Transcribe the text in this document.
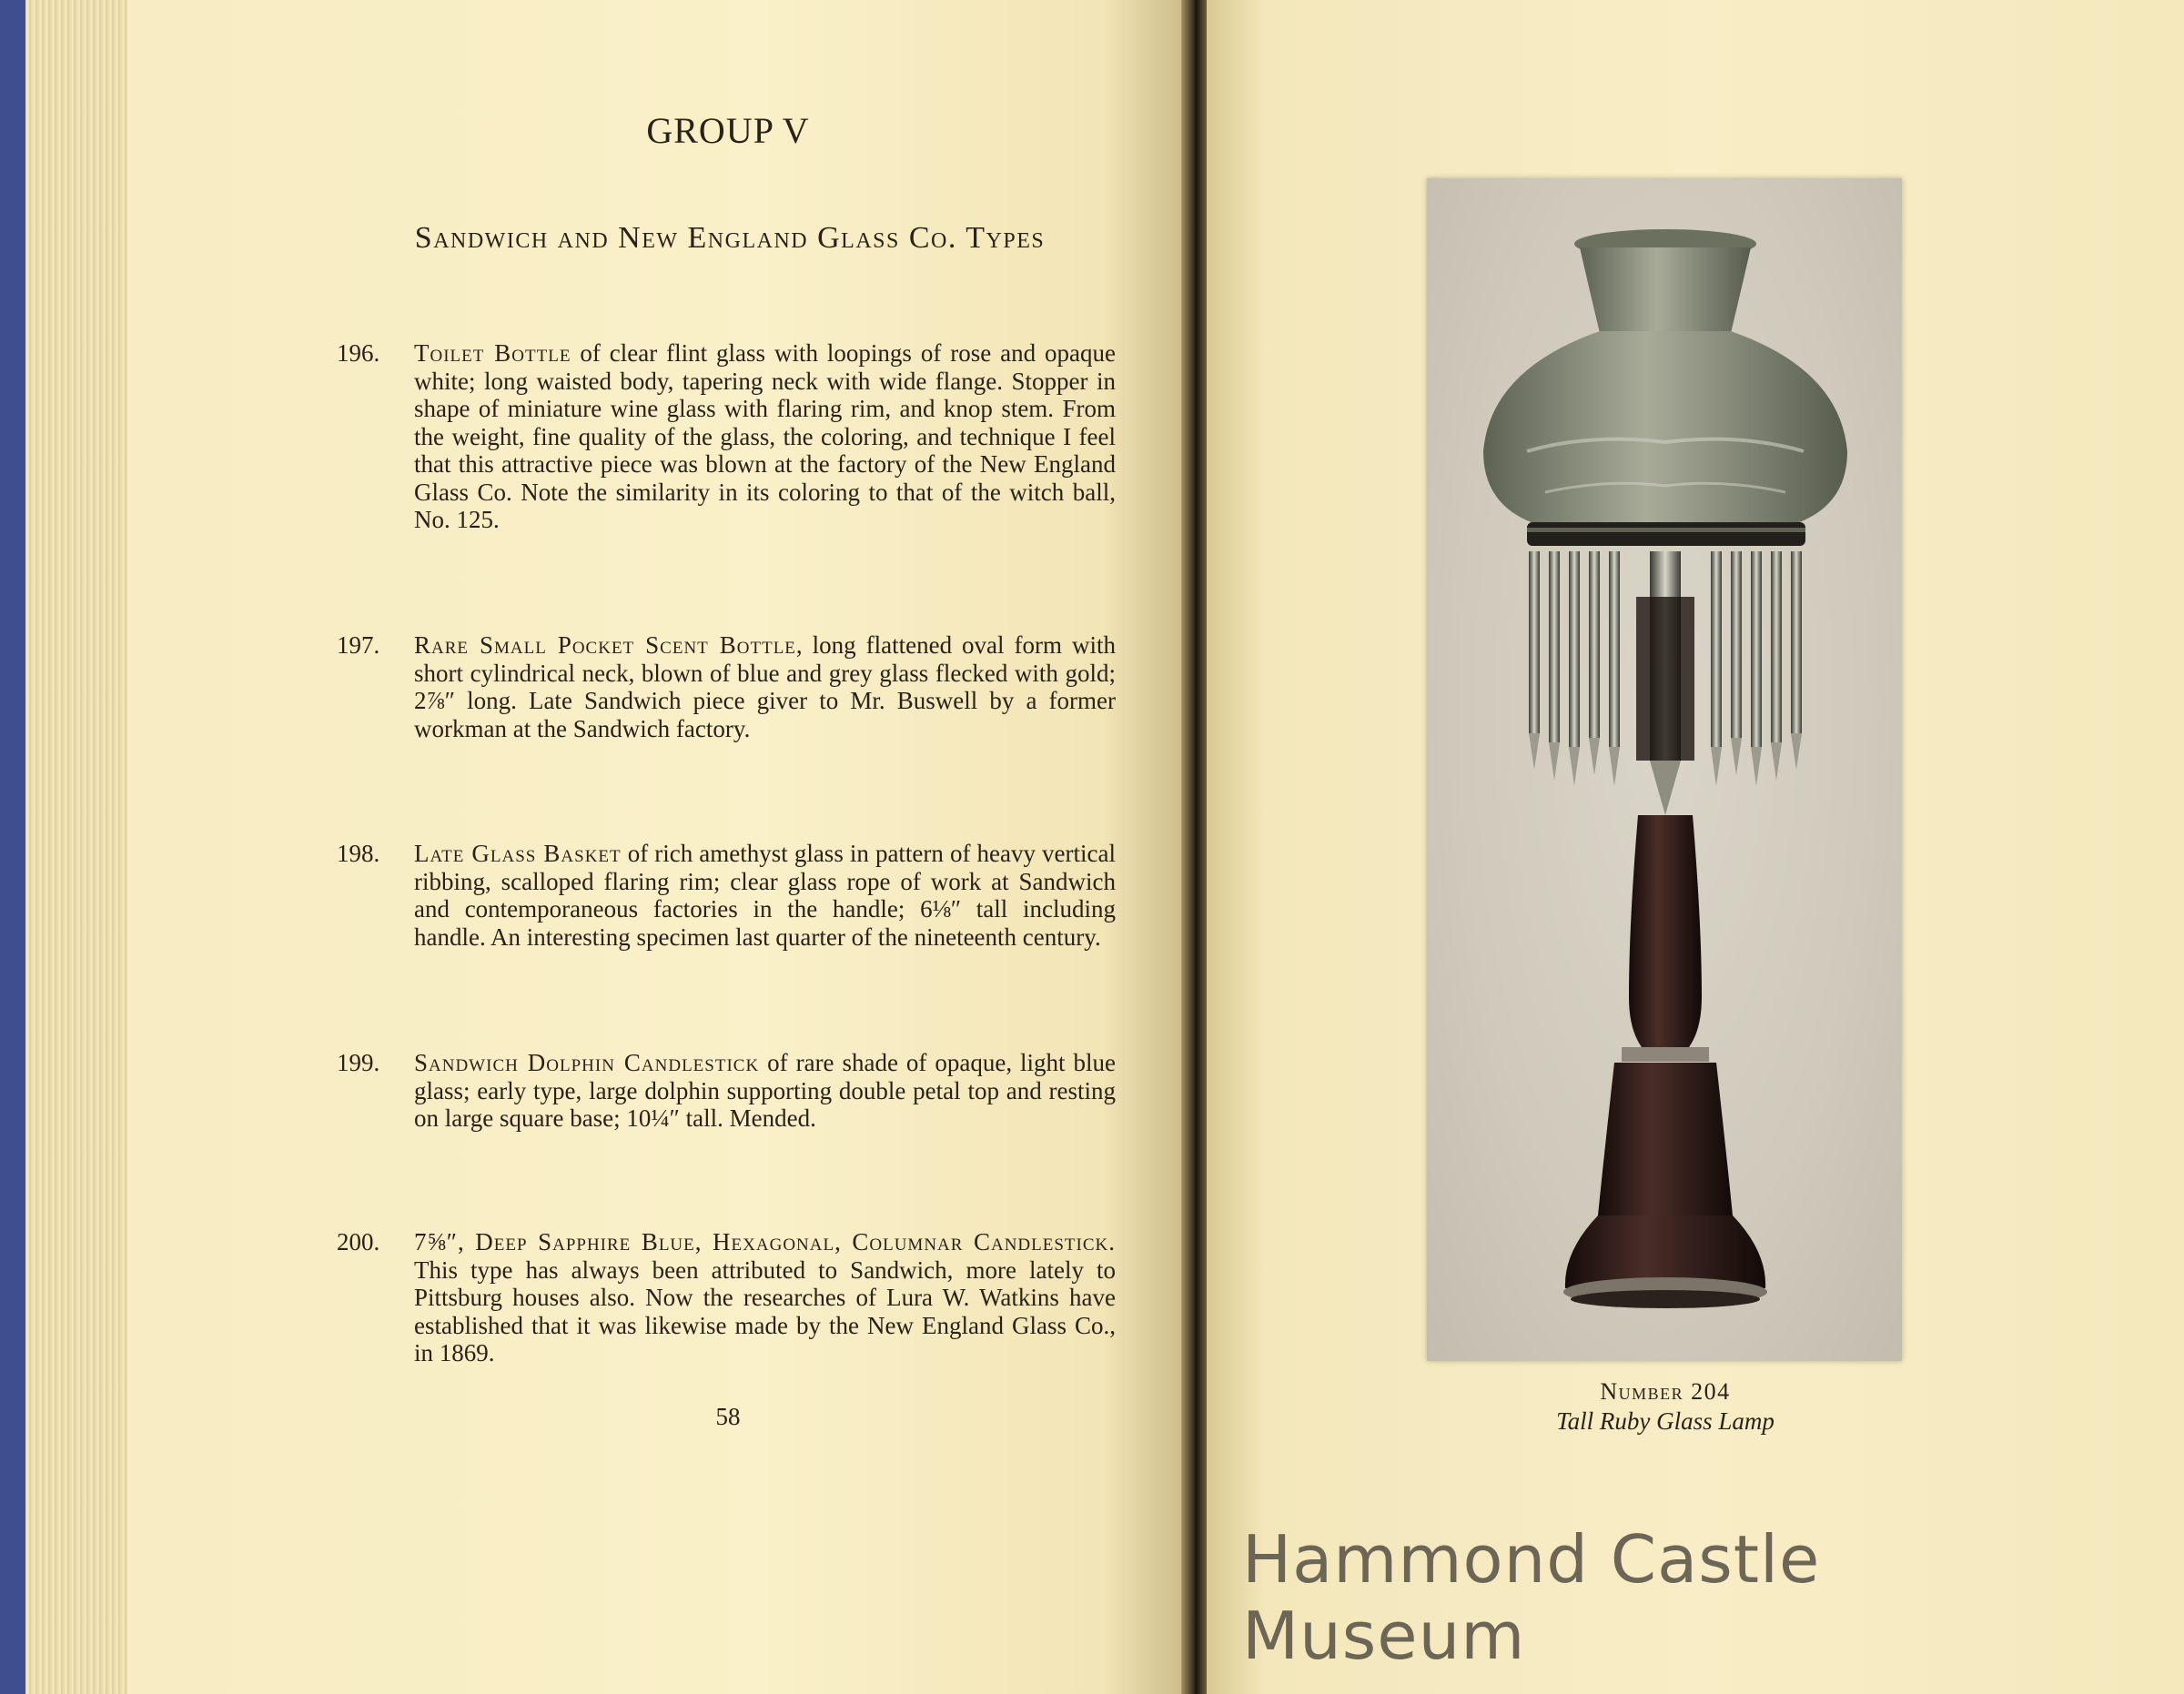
GROUP V
Sandwich and New England Glass Co. Types
196. Toilet Bottle of clear flint glass with loopings of rose and opaque white; long waisted body, tapering neck with wide flange. Stopper in shape of miniature wine glass with flaring rim, and knop stem. From the weight, fine quality of the glass, the coloring, and technique I feel that this attractive piece was blown at the factory of the New England Glass Co. Note the similarity in its coloring to that of the witch ball, No. 125.
197. Rare Small Pocket Scent Bottle, long flattened oval form with short cylindrical neck, blown of blue and grey glass flecked with gold; 2⅞″ long. Late Sandwich piece giver to Mr. Buswell by a former workman at the Sandwich factory.
198. Late Glass Basket of rich amethyst glass in pattern of heavy vertical ribbing, scalloped flaring rim; clear glass rope of work at Sandwich and contemporaneous factories in the handle; 6⅛″ tall including handle. An interesting specimen last quarter of the nineteenth century.
199. Sandwich Dolphin Candlestick of rare shade of opaque, light blue glass; early type, large dolphin supporting double petal top and resting on large square base; 10¼″ tall. Mended.
200. 7⅝″, Deep Sapphire Blue, Hexagonal, Columnar Candlestick. This type has always been attributed to Sandwich, more lately to Pittsburg houses also. Now the researches of Lura W. Watkins have established that it was likewise made by the New England Glass Co., in 1869.
58
Number 204
Tall Ruby Glass Lamp
Hammond Castle Museum
